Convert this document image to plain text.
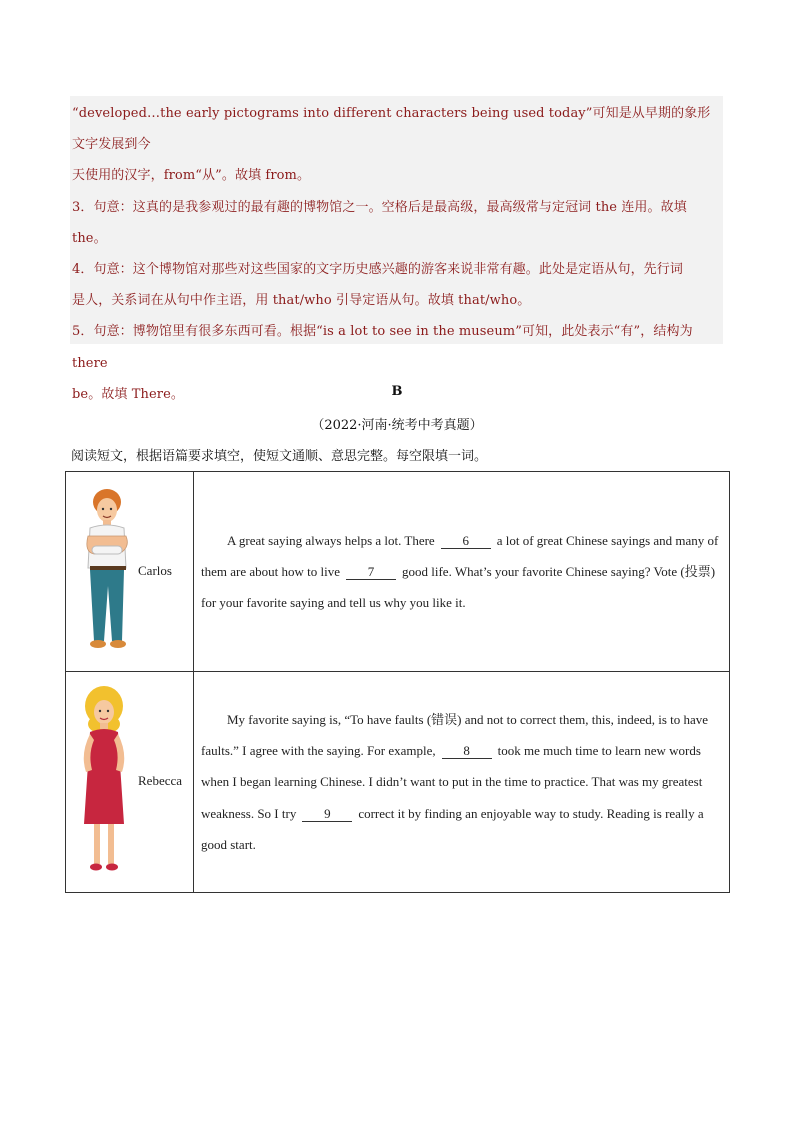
“developed…the early pictograms into different characters being used today”可知是从早期的象形文字发展到今

天使用的汉字，from“从”。故填 from。

3．句意：这真的是我参观过的最有趣的博物馆之一。空格后是最高级，最高级常与定冠词 the 连用。故填

the。

4．句意：这个博物馆对那些对这些国家的文字历史感兴趣的游客来说非常有趣。此处是定语从句，先行词

是人，关系词在从句中作主语，用 that/who 引导定语从句。故填 that/who。

5．句意：博物馆里有很多东西可看。根据“is a lot to see in the museum”可知，此处表示“有”，结构为 there

be。故填 There。	B
（2022·河南·统考中考真题）
阅读短文，根据语篇要求填空，使短文通顺、意思完整。每空限填一词。
Carlos	A great saying always helps a lot. There 6 a lot of great Chinese sayings and many of them are about how to live 7 good life. What’s your favorite Chinese saying? Vote (投票) for your favorite saying and tell us why you like it.

Rebecca	My favorite saying is, “To have faults (错误) and not to correct them, this, indeed, is to have faults.” I agree with the saying. For example, 8 took me much time to learn new words when I began learning Chinese. I didn’t want to put in the time to practice. That was my greatest weakness. So I try 9 correct it by finding an enjoyable way to study. Reading is really a good start.
